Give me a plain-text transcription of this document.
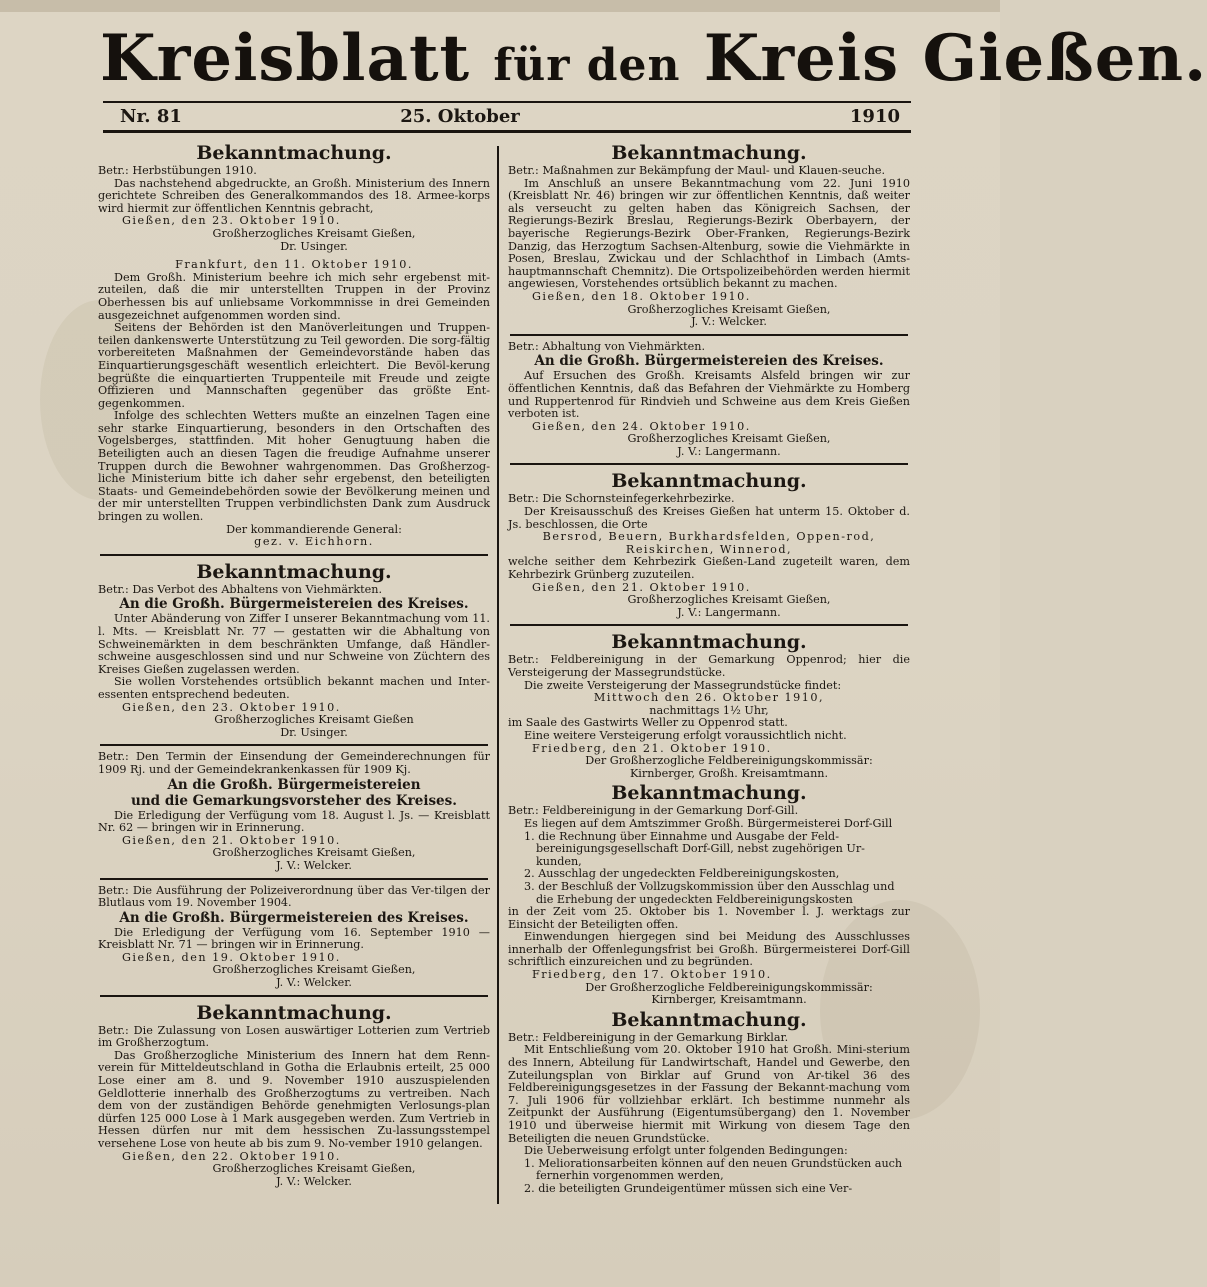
Kreisblatt für den Kreis Gießen.
Nr. 81	25. Oktober	1910
Bekanntmachung.

Betr.: Herbstübungen 1910.

Das nachstehend abgedruckte, an Großh. Ministerium des Innern gerichtete Schreiben des Generalkommandos des 18. Armee-korps wird hiermit zur öffentlichen Kenntnis gebracht,

Gießen, den 23. Oktober 1910.

Großherzogliches Kreisamt Gießen,

Dr. Usinger.

Frankfurt, den 11. Oktober 1910.

Dem Großh. Ministerium beehre ich mich sehr ergebenst mit-zuteilen, daß die mir unterstellten Truppen in der Provinz Oberhessen bis auf unliebsame Vorkommnisse in drei Gemeinden ausgezeichnet aufgenommen worden sind.

Seitens der Behörden ist den Manöverleitungen und Truppen-teilen dankenswerte Unterstützung zu Teil geworden. Die sorg-fältig vorbereiteten Maßnahmen der Gemeindevorstände haben das Einquartierungsgeschäft wesentlich erleichtert. Die Bevöl-kerung begrüßte die einquartierten Truppenteile mit Freude und zeigte Offizieren und Mannschaften gegenüber das größte Ent-gegenkommen.

Infolge des schlechten Wetters mußte an einzelnen Tagen eine sehr starke Einquartierung, besonders in den Ortschaften des Vogelsberges, stattfinden. Mit hoher Genugtuung haben die Beteiligten auch an diesen Tagen die freudige Aufnahme unserer Truppen durch die Bewohner wahrgenommen. Das Großherzog-liche Ministerium bitte ich daher sehr ergebenst, den beteiligten Staats- und Gemeindebehörden sowie der Bevölkerung meinen und der mir unterstellten Truppen verbindlichsten Dank zum Ausdruck bringen zu wollen.

Der kommandierende General:

gez. v. Eichhorn.

Bekanntmachung.

Betr.: Das Verbot des Abhaltens von Viehmärkten.

An die Großh. Bürgermeistereien des Kreises.

Unter Abänderung von Ziffer I unserer Bekanntmachung vom 11. l. Mts. — Kreisblatt Nr. 77 — gestatten wir die Abhaltung von Schweinemärkten in dem beschränkten Umfange, daß Händler-schweine ausgeschlossen sind und nur Schweine von Züchtern des Kreises Gießen zugelassen werden.

Sie wollen Vorstehendes ortsüblich bekannt machen und Inter-essenten entsprechend bedeuten.

Gießen, den 23. Oktober 1910.

Großherzogliches Kreisamt Gießen

Dr. Usinger.

Betr.: Den Termin der Einsendung der Gemeinderechnungen für 1909 Rj. und der Gemeindekrankenkassen für 1909 Kj.

An die Großh. Bürgermeistereien
und die Gemarkungsvorsteher des Kreises.

Die Erledigung der Verfügung vom 18. August l. Js. — Kreisblatt Nr. 62 — bringen wir in Erinnerung.

Gießen, den 21. Oktober 1910.

Großherzogliches Kreisamt Gießen,

J. V.: Welcker.

Betr.: Die Ausführung der Polizeiverordnung über das Ver-tilgen der Blutlaus vom 19. November 1904.

An die Großh. Bürgermeistereien des Kreises.

Die Erledigung der Verfügung vom 16. September 1910 — Kreisblatt Nr. 71 — bringen wir in Erinnerung.

Gießen, den 19. Oktober 1910.

Großherzogliches Kreisamt Gießen,

J. V.: Welcker.

Bekanntmachung.

Betr.: Die Zulassung von Losen auswärtiger Lotterien zum Vertrieb im Großherzogtum.

Das Großherzogliche Ministerium des Innern hat dem Renn-verein für Mitteldeutschland in Gotha die Erlaubnis erteilt, 25 000 Lose einer am 8. und 9. November 1910 auszuspielenden Geldlotterie innerhalb des Großherzogtums zu vertreiben. Nach dem von der zuständigen Behörde genehmigten Verlosungs-plan dürfen 125 000 Lose à 1 Mark ausgegeben werden. Zum Vertrieb in Hessen dürfen nur mit dem hessischen Zu-lassungsstempel versehene Lose von heute ab bis zum 9. No-vember 1910 gelangen.

Gießen, den 22. Oktober 1910.

Großherzogliches Kreisamt Gießen,

J. V.: Welcker.

Bekanntmachung.

Betr.: Maßnahmen zur Bekämpfung der Maul- und Klauen-seuche.

Im Anschluß an unsere Bekanntmachung vom 22. Juni 1910 (Kreisblatt Nr. 46) bringen wir zur öffentlichen Kenntnis, daß weiter als verseucht zu gelten haben das Königreich Sachsen, der Regierungs-Bezirk Breslau, Regierungs-Bezirk Oberbayern, der bayerische Regierungs-Bezirk Ober-Franken, Regierungs-Bezirk Danzig, das Herzogtum Sachsen-Altenburg, sowie die Viehmärkte in Posen, Breslau, Zwickau und der Schlachthof in Limbach (Amts-hauptmannschaft Chemnitz). Die Ortspolizeibehörden werden hiermit angewiesen, Vorstehendes ortsüblich bekannt zu machen.

Gießen, den 18. Oktober 1910.

Großherzogliches Kreisamt Gießen,

J. V.: Welcker.

Betr.: Abhaltung von Viehmärkten.

An die Großh. Bürgermeistereien des Kreises.

Auf Ersuchen des Großh. Kreisamts Alsfeld bringen wir zur öffentlichen Kenntnis, daß das Befahren der Viehmärkte zu Homberg und Ruppertenrod für Rindvieh und Schweine aus dem Kreis Gießen verboten ist.

Gießen, den 24. Oktober 1910.

Großherzogliches Kreisamt Gießen,

J. V.: Langermann.

Bekanntmachung.

Betr.: Die Schornsteinfegerkehrbezirke.

Der Kreisausschuß des Kreises Gießen hat unterm 15. Oktober d. Js. beschlossen, die Orte

Bersrod, Beuern, Burkhardsfelden, Oppen-rod, Reiskirchen, Winnerod,

welche seither dem Kehrbezirk Gießen-Land zugeteilt waren, dem Kehrbezirk Grünberg zuzuteilen.

Gießen, den 21. Oktober 1910.

Großherzogliches Kreisamt Gießen,

J. V.: Langermann.

Bekanntmachung.

Betr.: Feldbereinigung in der Gemarkung Oppenrod; hier die Versteigerung der Massegrundstücke.

Die zweite Versteigerung der Massegrundstücke findet:

Mittwoch den 26. Oktober 1910,

nachmittags 1½ Uhr,

im Saale des Gastwirts Weller zu Oppenrod statt.

Eine weitere Versteigerung erfolgt voraussichtlich nicht.

Friedberg, den 21. Oktober 1910.

Der Großherzogliche Feldbereinigungskommissär:

Kirnberger, Großh. Kreisamtmann.

Bekanntmachung.

Betr.: Feldbereinigung in der Gemarkung Dorf-Gill.

Es liegen auf dem Amtszimmer Großh. Bürgermeisterei Dorf-Gill

1. die Rechnung über Einnahme und Ausgabe der Feld-bereinigungsgesellschaft Dorf-Gill, nebst zugehörigen Ur-kunden,

2. Ausschlag der ungedeckten Feldbereinigungskosten,

3. der Beschluß der Vollzugskommission über den Ausschlag und die Erhebung der ungedeckten Feldbereinigungskosten

in der Zeit vom 25. Oktober bis 1. November l. J. werktags zur Einsicht der Beteiligten offen.

Einwendungen hiergegen sind bei Meidung des Ausschlusses innerhalb der Offenlegungsfrist bei Großh. Bürgermeisterei Dorf-Gill schriftlich einzureichen und zu begründen.

Friedberg, den 17. Oktober 1910.

Der Großherzogliche Feldbereinigungskommissär:

Kirnberger, Kreisamtmann.

Bekanntmachung.

Betr.: Feldbereinigung in der Gemarkung Birklar.

Mit Entschließung vom 20. Oktober 1910 hat Großh. Mini-sterium des Innern, Abteilung für Landwirtschaft, Handel und Gewerbe, den Zuteilungsplan von Birklar auf Grund von Ar-tikel 36 des Feldbereinigungsgesetzes in der Fassung der Bekannt-machung vom 7. Juli 1906 für vollziehbar erklärt. Ich bestimme nunmehr als Zeitpunkt der Ausführung (Eigentumsübergang) den 1. November 1910 und überweise hiermit mit Wirkung von diesem Tage den Beteiligten die neuen Grundstücke.

Die Ueberweisung erfolgt unter folgenden Bedingungen:

1. Meliorationsarbeiten können auf den neuen Grundstücken auch fernerhin vorgenommen werden,

2. die beteiligten Grundeigentümer müssen sich eine Ver-
